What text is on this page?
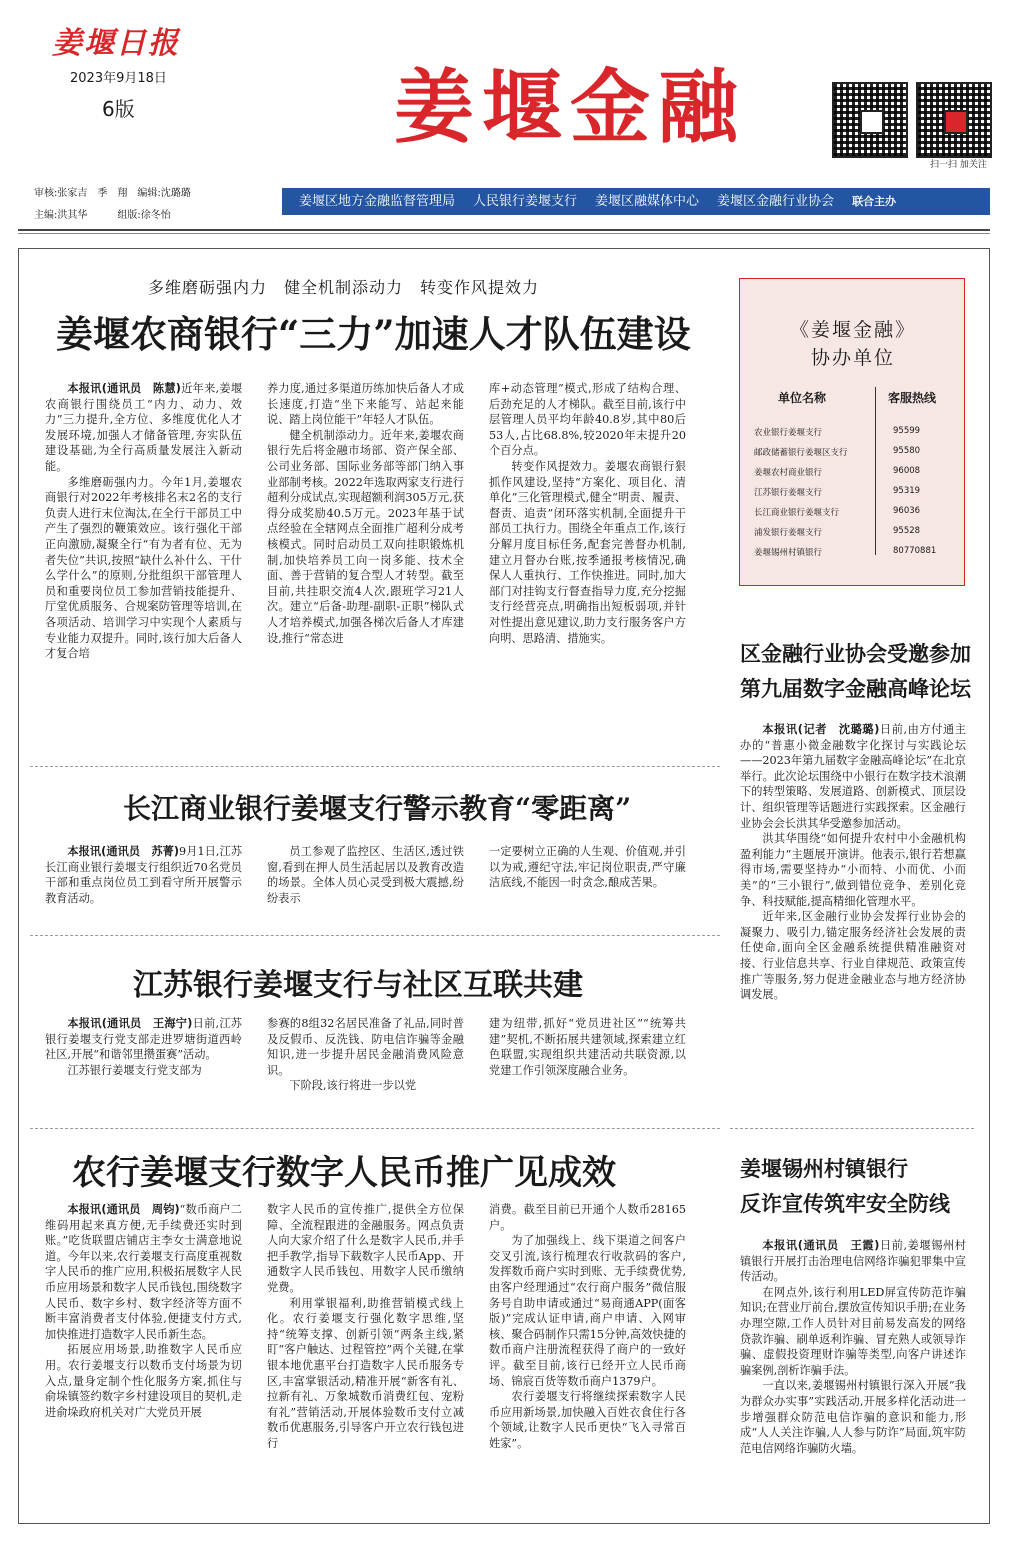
姜堰日报
2023年9月18日
6版	姜堰金融
扫一扫 加关注
审核:张家吉　季　翔　编辑:沈璐璐
主编:洪其华　　　组版:徐冬怡
姜堰区地方金融监督管理局 人民银行姜堰支行 姜堰区融媒体中心 姜堰区金融行业协会 联合主办
多维磨砺强内力　健全机制添动力　转变作风提效力
姜堰农商银行“三力”加速人才队伍建设

本报讯(通讯员　陈慧)近年来,姜堰农商银行围绕员工“内力、动力、效力”三力提升,全方位、多维度优化人才发展环境,加强人才储备管理,夯实队伍建设基础,为全行高质量发展注入新动能。

多维磨砺强内力。今年1月,姜堰农商银行对2022年考核排名末2名的支行负责人进行末位淘汰,在全行干部员工中产生了强烈的鞭策效应。该行强化干部正向激励,凝聚全行“有为者有位、无为者失位”共识,按照“缺什么补什么、干什么学什么”的原则,分批组织干部管理人员和重要岗位员工参加营销技能提升、厅堂优质服务、合规案防管理等培训,在各项活动、培训学习中实现个人素质与专业能力双提升。同时,该行加大后备人才复合培

养力度,通过多渠道历练加快后备人才成长速度,打造“坐下来能写、站起来能说、踏上岗位能干”年轻人才队伍。

健全机制添动力。近年来,姜堰农商银行先后将金融市场部、资产保全部、公司业务部、国际业务部等部门纳入事业部制考核。2022年选取两家支行进行超利分成试点,实现超额利润305万元,获得分成奖励40.5万元。2023年基于试点经验在全辖网点全面推广超利分成考核模式。同时启动员工双向挂职锻炼机制,加快培养员工向一岗多能、技术全面、善于营销的复合型人才转型。截至目前,共挂职交流4人次,跟班学习21人次。建立“后备-助理-副职-正职”梯队式人才培养模式,加强各梯次后备人才库建设,推行“常态进

库+动态管理”模式,形成了结构合理、后劲充足的人才梯队。截至目前,该行中层管理人员平均年龄40.8岁,其中80后53人,占比68.8%,较2020年末提升20个百分点。

转变作风提效力。姜堰农商银行狠抓作风建设,坚持“方案化、项目化、清单化”三化管理模式,健全“明责、履责、督责、追责”闭环落实机制,全面提升干部员工执行力。围绕全年重点工作,该行分解月度目标任务,配套完善督办机制,建立月督办台账,按季通报考核情况,确保人人重执行、工作快推进。同时,加大部门对挂钩支行督查指导力度,充分挖掘支行经营亮点,明确指出短板弱项,并针对性提出意见建议,助力支行服务客户方向明、思路清、措施实。

长江商业银行姜堰支行警示教育“零距离”

本报讯(通讯员　苏菁)9月1日,江苏长江商业银行姜堰支行组织近70名党员干部和重点岗位员工到看守所开展警示教育活动。

员工参观了监控区、生活区,透过铁窗,看到在押人员生活起居以及教育改造的场景。全体人员心灵受到极大震撼,纷纷表示

一定要树立正确的人生观、价值观,并引以为戒,遵纪守法,牢记岗位职责,严守廉洁底线,不能因一时贪念,酿成苦果。

江苏银行姜堰支行与社区互联共建

本报讯(通讯员　王海宁)日前,江苏银行姜堰支行党支部走进罗塘街道西岭社区,开展“和谐邻里攒蛋赛”活动。

江苏银行姜堰支行党支部为

参赛的8组32名居民准备了礼品,同时普及反假币、反洗钱、防电信诈骗等金融知识,进一步提升居民金融消费风险意识。

下阶段,该行将进一步以党

建为纽带,抓好“党员进社区”“统筹共建”契机,不断拓展共建领域,探索建立红色联盟,实现组织共建活动共联资源,以党建工作引领深度融合业务。

农行姜堰支行数字人民币推广见成效

本报讯(通讯员　周钧)“数币商户二维码用起来真方便,无手续费还实时到账。”吃货联盟店铺店主李女士满意地说道。今年以来,农行姜堰支行高度重视数字人民币的推广应用,积极拓展数字人民币应用场景和数字人民币钱包,围绕数字人民币、数字乡村、数字经济等方面不断丰富消费者支付体验,便捷支付方式,加快推进打造数字人民币新生态。

拓展应用场景,助推数字人民币应用。农行姜堰支行以数币支付场景为切入点,量身定制个性化服务方案,抓住与俞垛镇签约数字乡村建设项目的契机,走进俞垛政府机关对广大党员开展

数字人民币的宣传推广,提供全方位保障、全流程跟进的金融服务。网点负责人向大家介绍了什么是数字人民币,并手把手教学,指导下载数字人民币App、开通数字人民币钱包、用数字人民币缴纳党费。

利用掌银福利,助推营销模式线上化。农行姜堰支行强化数字思维,坚持“统筹支撑、创新引领”两条主线,紧盯“客户触达、过程管控”两个关键,在掌银本地优惠平台打造数字人民币服务专区,丰富掌银活动,精准开展“新客有礼、拉新有礼、万象城数币消费红包、宠粉有礼”营销活动,开展体验数币支付立减数币优惠服务,引导客户开立农行钱包进行

消费。截至目前已开通个人数币28165户。

为了加强线上、线下渠道之间客户交叉引流,该行梳理农行收款码的客户,发挥数币商户实时到账、无手续费优势,由客户经理通过“农行商户服务”微信服务号自助申请或通过“易商通APP(面客版)”完成认证申请,商户申请、入网审核、聚合码制作只需15分钟,高效快捷的数币商户注册流程获得了商户的一致好评。截至目前,该行已经开立人民币商场、锦宸百货等数币商户1379户。

农行姜堰支行将继续探索数字人民币应用新场景,加快融入百姓衣食住行各个领域,让数字人民币更快“飞入寻常百姓家”。

《姜堰金融》
协办单位
单位名称	客服热线
农业银行姜堰支行	95599
邮政储蓄银行姜堰区支行	95580
姜堰农村商业银行	96008
江苏银行姜堰支行	95319
长江商业银行姜堰支行	96036
浦发银行姜堰支行	95528
姜堰锡州村镇银行	80770881
区金融行业协会受邀参加
第九届数字金融高峰论坛

本报讯(记者　沈璐璐)日前,由方付通主办的“普惠小微金融数字化探讨与实践论坛——2023年第九届数字金融高峰论坛”在北京举行。此次论坛围绕中小银行在数字技术浪潮下的转型策略、发展道路、创新模式、顶层设计、组织管理等话题进行实践探索。区金融行业协会会长洪其华受邀参加活动。

洪其华围绕“如何提升农村中小金融机构盈利能力”主题展开演讲。他表示,银行若想赢得市场,需要坚持办“小而特、小而优、小而美”的“三小银行”,做到错位竞争、差别化竞争、科技赋能,提高精细化管理水平。

近年来,区金融行业协会发挥行业协会的凝聚力、吸引力,锚定服务经济社会发展的责任使命,面向全区金融系统提供精准融资对接、行业信息共享、行业自律规范、政策宣传推广等服务,努力促进金融业态与地方经济协调发展。

姜堰锡州村镇银行
反诈宣传筑牢安全防线

本报讯(通讯员　王霞)日前,姜堰锡州村镇银行开展打击治理电信网络诈骗犯罪集中宣传活动。

在网点外,该行利用LED屏宣传防范诈骗知识;在营业厅前台,摆放宣传知识手册;在业务办理空隙,工作人员针对目前易发高发的网络贷款诈骗、刷单返利诈骗、冒充熟人或领导诈骗、虚假投资理财诈骗等类型,向客户讲述诈骗案例,剖析诈骗手法。

一直以来,姜堰锡州村镇银行深入开展“我为群众办实事”实践活动,开展多样化活动进一步增强群众防范电信诈骗的意识和能力,形成“人人关注诈骗,人人参与防诈”局面,筑牢防范电信网络诈骗防火墙。
